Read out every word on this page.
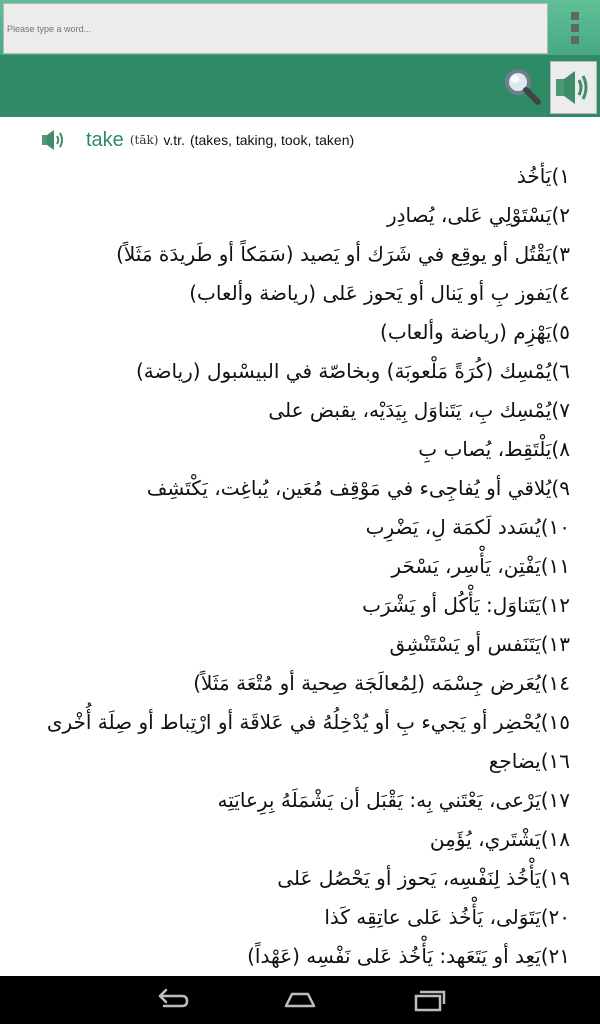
Please type a word...
take (tāk) v.tr. (takes, taking, took, taken)
١)يَأخُذ
٢)يَسْتَوْلِي عَلى، يُصادِر
٣)يَقْتُل أو يوقِع في شَرَك أو يَصيد (سَمَكاً أو طَريدَة مَثَلاً)
٤)يَفوز بِ أو يَنال أو يَحوز عَلى (رياضة وألعاب)
٥)يَهْزِم (رياضة وألعاب)
٦)يُمْسِك (كُرَةً مَلْعوبَة) وبخاصّة في البيسْبول (رياضة)
٧)يُمْسِك بِ، يَتَناوَل بِيَدَيْه، يقبض على
٨)يَلْتَقِط، يُصاب بِ
٩)يُلاقي أو يُفاجِىء في مَوْقِف مُعَين، يُباغِت، يَكْتَشِف
١٠)يُسَدد لَكمَة لِ، يَضْرِب
١١)يَفْتِن، يَأْسِر، يَسْحَر
١٢)يَتَناوَل: يَأْكُل أو يَشْرَب
١٣)يَتَنَفس أو يَسْتَنْشِق
١٤)يُعَرض جِسْمَه (لِمُعالَجَة صِحية أو مُتْعَة مَثَلاً)
١٥)يُحْضِر أو يَجيء بِ أو يُدْخِلُهُ في عَلاقَة أو ارْتِباط أو صِلَة أُخْرى
١٦)يضاجع
١٧)يَرْعى، يَعْتَني بِه: يَقْبَل أن يَشْمَلَهُ بِرِعايَتِه
١٨)يَشْتَري، يُؤَمِن
١٩)يَأْخُذ لِنَفْسِه، يَحوز أو يَحْصُل عَلى
٢٠)يَتَوَلى، يَأْخُذ عَلى عاتِقِه كَذا
٢١)يَعِد أو يَتَعَهد: يَأْخُذ عَلى نَفْسِه (عَهْداً)
